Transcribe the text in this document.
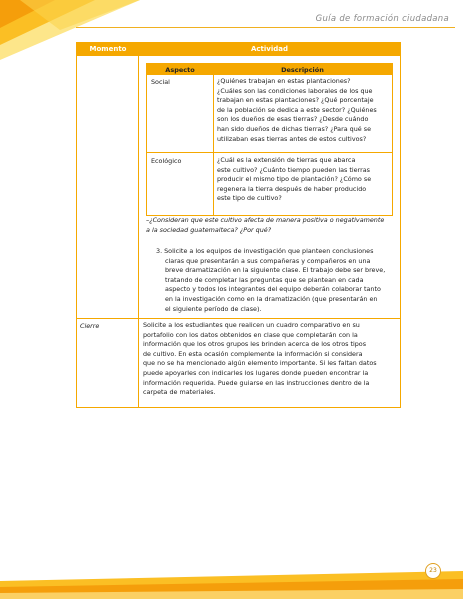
Guía de formación ciudadana
Momento	Actividad
Aspecto	Descripción
Social	¿Quiénes trabajan en estas plantaciones?
¿Cuáles son las condiciones laborales de los que
trabajan en estas plantaciones? ¿Qué porcentaje
de la población se dedica a este sector? ¿Quiénes
son los dueños de esas tierras? ¿Desde cuándo
han sido dueños de dichas tierras? ¿Para qué se
utilizaban esas tierras antes de estos cultivos?
Ecológico	¿Cuál es la extensión de tierras que abarca
este cultivo? ¿Cuánto tiempo pueden las tierras
producir el mismo tipo de plantación? ¿Cómo se
regenera la tierra después de haber producido
este tipo de cultivo?
–¿Consideran que este cultivo afecta de manera positiva o negativamente
a la sociedad guatemalteca? ¿Por qué?
3. Solicite a los equipos de investigación que planteen conclusiones
claras que presentarán a sus compañeras y compañeros en una
breve dramatización en la siguiente clase. El trabajo debe ser breve,
tratando de completar las preguntas que se plantean en cada
aspecto y todos los integrantes del equipo deberán colaborar tanto
en la investigación como en la dramatización (que presentarán en
el siguiente período de clase).
Cierre	Solicite a los estudiantes que realicen un cuadro comparativo en su
portafolio con los datos obtenidos en clase que completarán con la
información que los otros grupos les brinden acerca de los otros tipos
de cultivo. En esta ocasión complemente la información si considera
que no se ha mencionado algún elemento importante. Si les faltan datos
puede apoyarles con indicarles los lugares donde pueden encontrar la
información requerida. Puede guiarse en las instrucciones dentro de la
carpeta de materiales.
23
